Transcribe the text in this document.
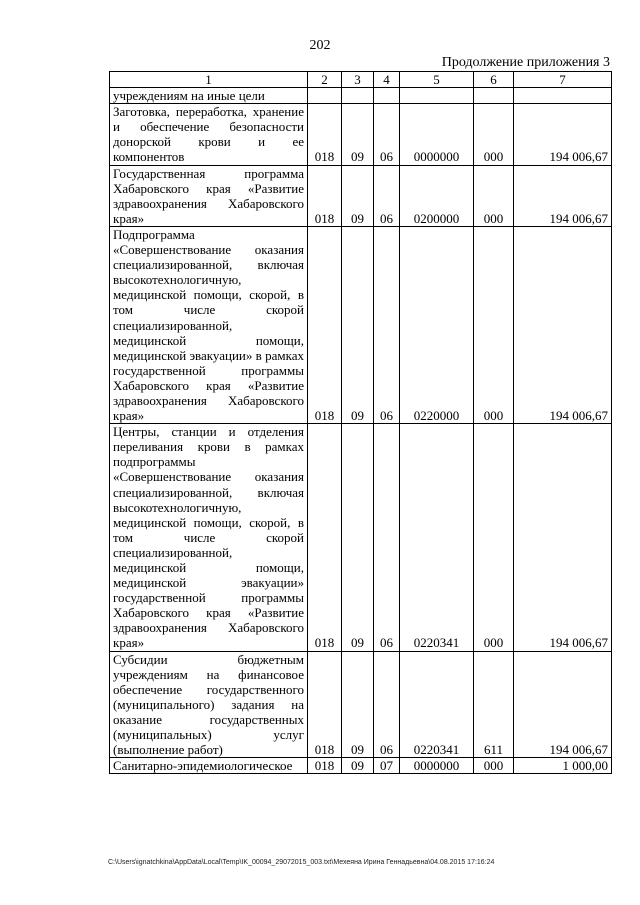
202
Продолжение приложения 3
1	2	3	4	5	6	7
учреждениям на иные цели						
Заготовка, переработка, хранение и обеспечение безопасности донорской крови и ее компонентов	018	09	06	0000000	000	194 006,67
Государственная программа Хабаровского края «Развитие здравоохранения Хабаровского края»	018	09	06	0200000	000	194 006,67
Подпрограмма «Совершенствование оказания специализированной, включая высокотехнологичную, медицинской помощи, скорой, в том числе скорой специализированной, медицинской помощи, медицинской эвакуации» в рамках государственной программы Хабаровского края «Развитие здравоохранения Хабаровского края»	018	09	06	0220000	000	194 006,67
Центры, станции и отделения переливания крови в рамках подпрограммы «Совершенствование оказания специализированной, включая высокотехнологичную, медицинской помощи, скорой, в том числе скорой специализированной, медицинской помощи, медицинской эвакуации» государственной программы Хабаровского края «Развитие здравоохранения Хабаровского края»	018	09	06	0220341	000	194 006,67
Субсидии бюджетным учреждениям на финансовое обеспечение государственного (муниципального) задания на оказание государственных (муниципальных) услуг (выполнение работ)	018	09	06	0220341	611	194 006,67
Санитарно-эпидемиологическое	018	09	07	0000000	000	1 000,00
C:\Users\ignatchkina\AppData\Local\Temp\IK_00094_29072015_003.txt\Мехеяна Ирина Геннадьевна\04.08.2015 17:16:24
